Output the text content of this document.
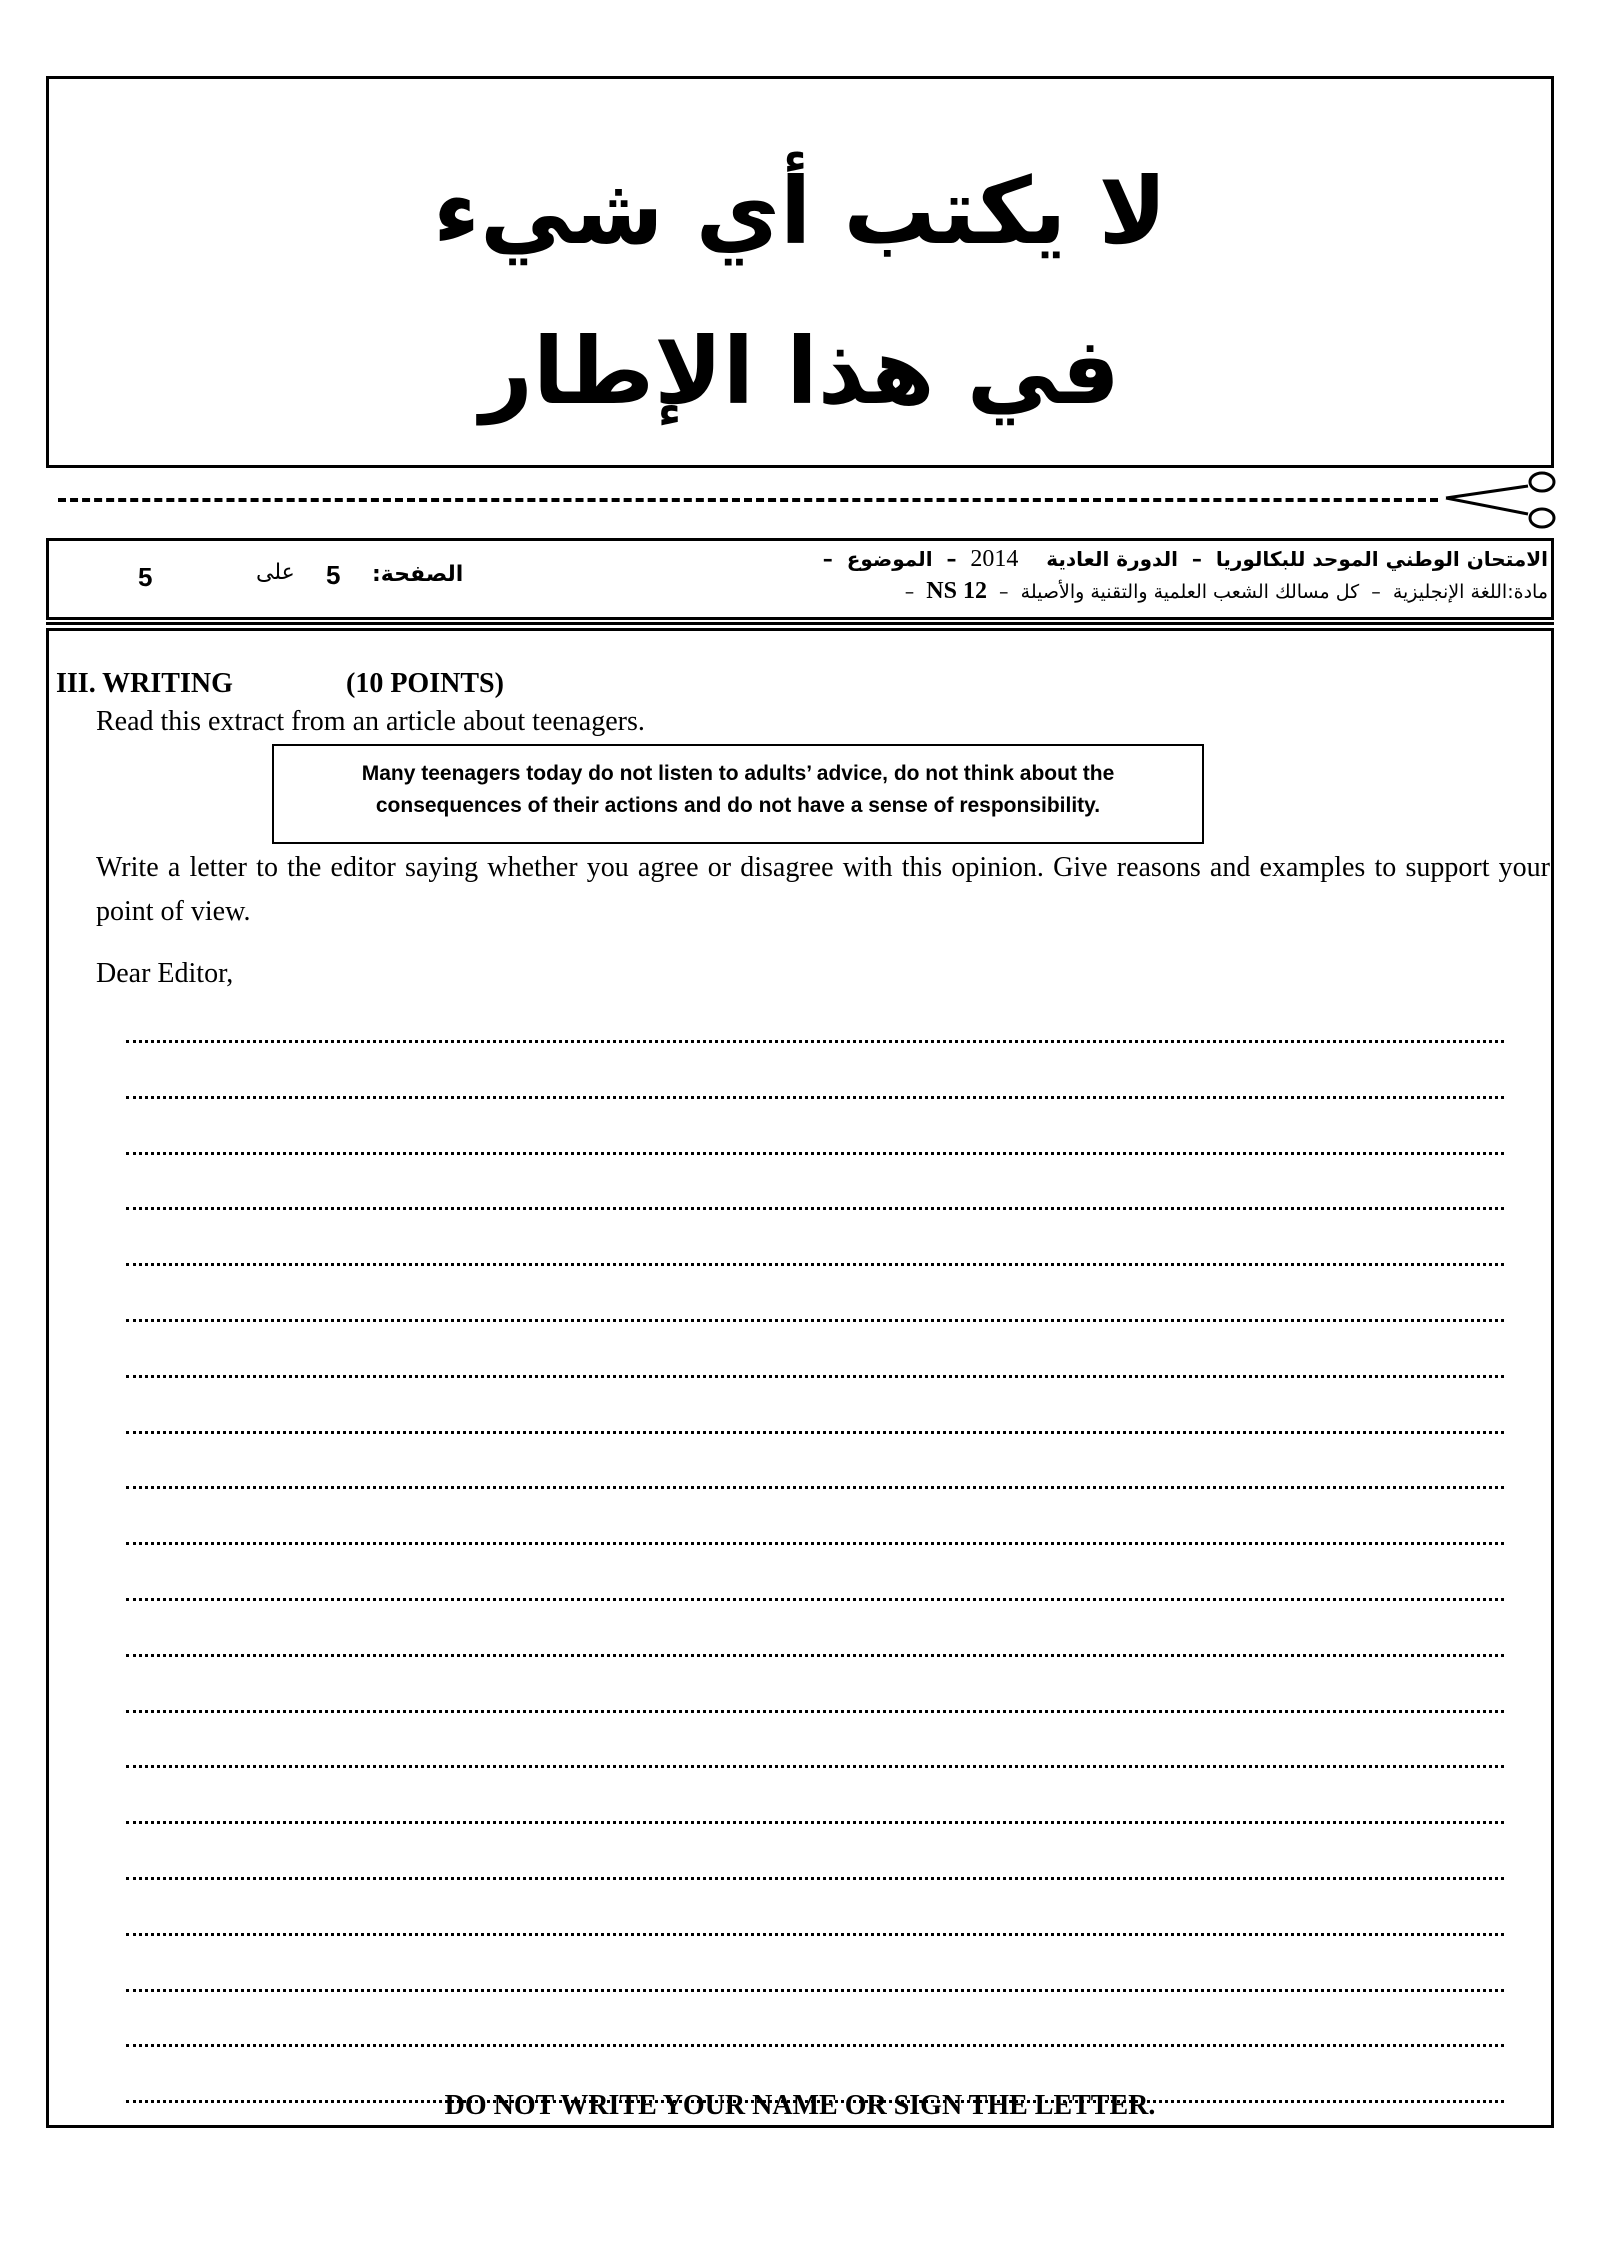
لا يكتب أي شيء
في هذا الإطار
5	على 5 الصفحة:
الامتحان الوطني الموحد للبكالوريا  –  الدورة العادية    2014  –  الموضوع  –
مادة:اللغة الإنجليزية  –  كل مسالك الشعب العلمية والتقنية والأصيلة  –  NS 12  –
III. WRITING	(10 POINTS)
Read this extract from an article about teenagers.
Many teenagers today do not listen to adults’ advice, do not think about the
consequences of their actions and do not have a sense of responsibility.
Write a letter to the editor saying whether you agree or disagree with this opinion. Give reasons and examples to support your point of view.
Dear Editor,
DO NOT WRITE YOUR NAME OR SIGN THE LETTER.
